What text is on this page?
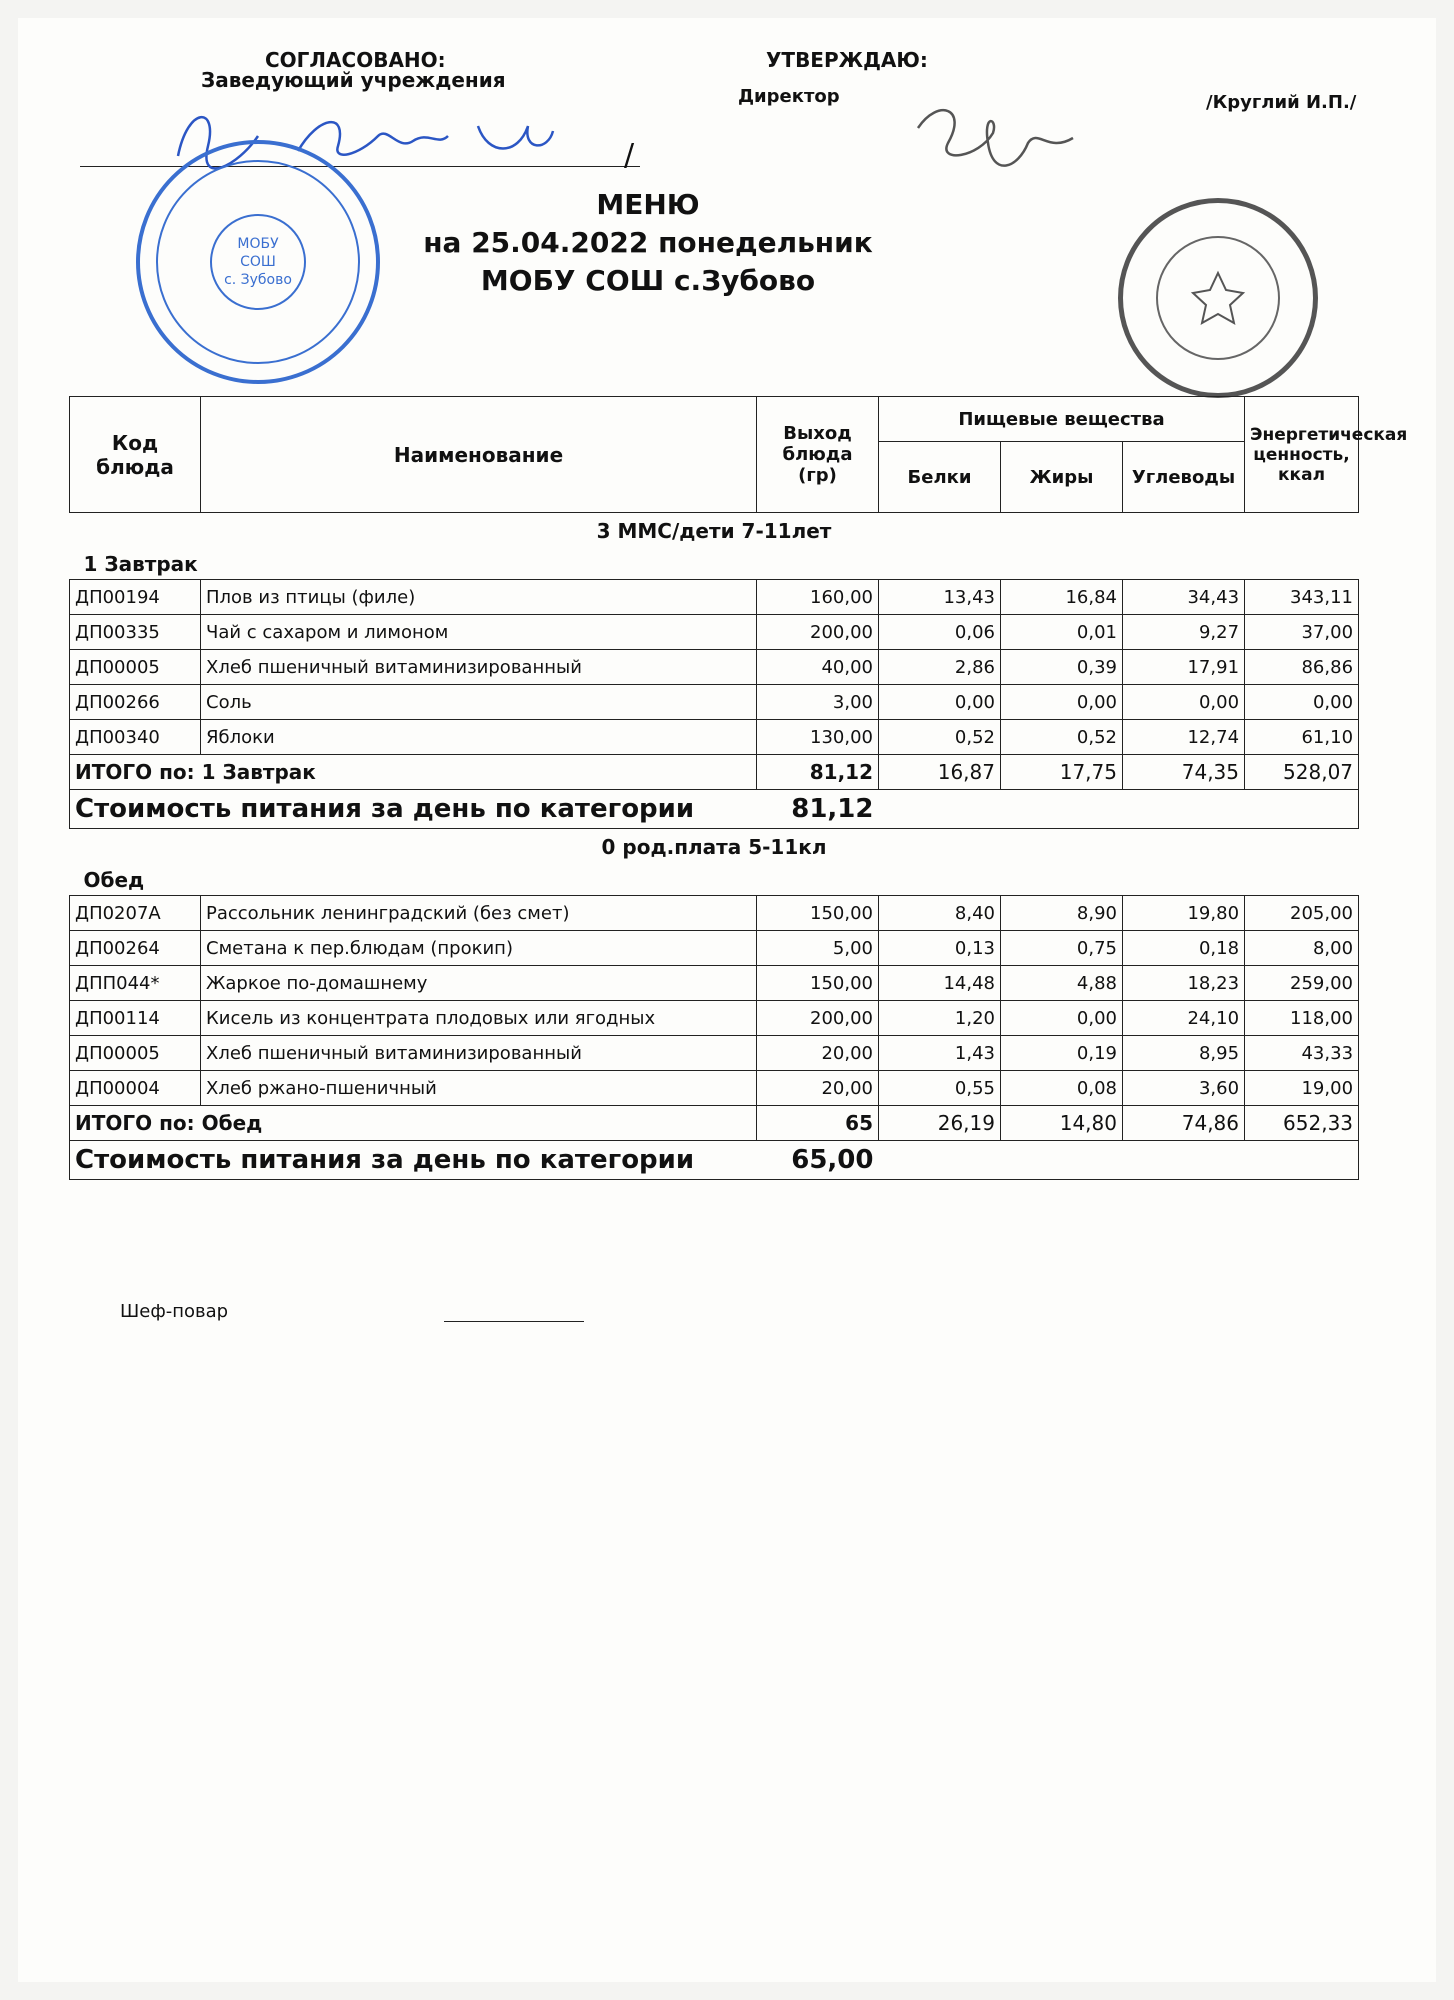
СОГЛАСОВАНО:
Заведующий учреждения
/
МОБУ
СОШ
с. Зубово
УТВЕРЖДАЮ:
Директор	/Круглий И.П./
МЕНЮ
на 25.04.2022 понедельник
МОБУ СОШ с.Зубово
Код блюда	Наименование	Выход блюда (гр)	Пищевые вещества			Энергетическая ценность, ккал
			Белки	Жиры	Углеводы	
3 ММС/дети 7-11лет						
1 Завтрак						
ДП00194	Плов из птицы (филе)	160,00	13,43	16,84	34,43	343,11
ДП00335	Чай с сахаром и лимоном	200,00	0,06	0,01	9,27	37,00
ДП00005	Хлеб пшеничный витаминизированный	40,00	2,86	0,39	17,91	86,86
ДП00266	Соль	3,00	0,00	0,00	0,00	0,00
ДП00340	Яблоки	130,00	0,52	0,52	12,74	61,10
ИТОГО по: 1 Завтрак		81,12	16,87	17,75	74,35	528,07
Стоимость питания за день по категории		81,12				
0 род.плата 5-11кл						
Обед						
ДП0207А	Рассольник ленинградский (без смет)	150,00	8,40	8,90	19,80	205,00
ДП00264	Сметана к пер.блюдам (прокип)	5,00	0,13	0,75	0,18	8,00
ДПП044*	Жаркое по-домашнему	150,00	14,48	4,88	18,23	259,00
ДП00114	Кисель из концентрата плодовых или ягодных	200,00	1,20	0,00	24,10	118,00
ДП00005	Хлеб пшеничный витаминизированный	20,00	1,43	0,19	8,95	43,33
ДП00004	Хлеб ржано-пшеничный	20,00	0,55	0,08	3,60	19,00
ИТОГО по: Обед		65	26,19	14,80	74,86	652,33
Стоимость питания за день по категории		65,00				
Шеф-повар
